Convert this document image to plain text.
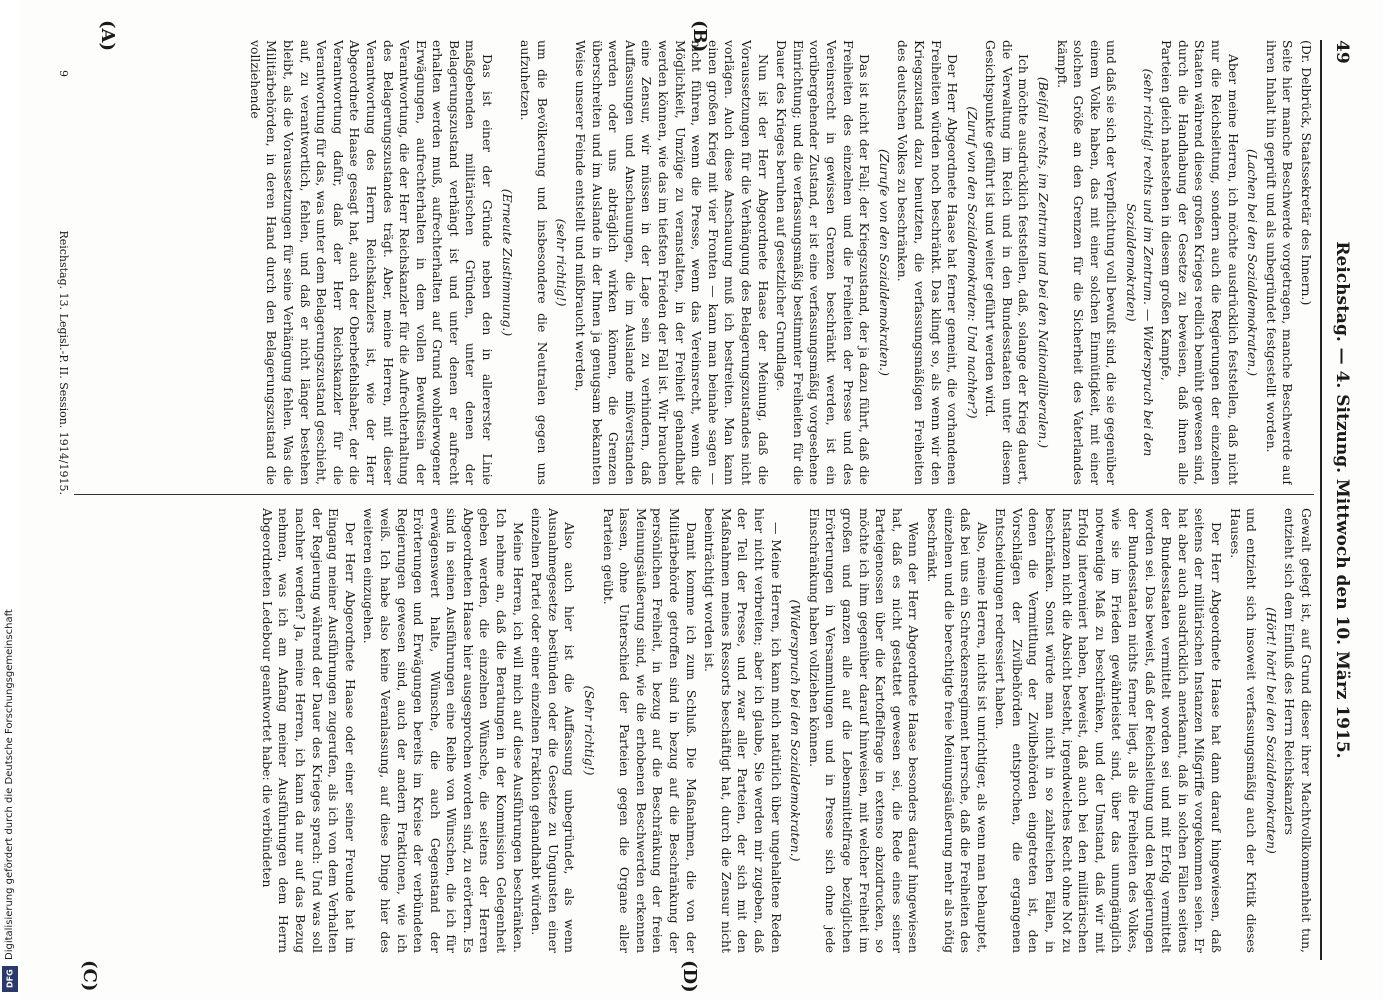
Digitalisierung gefördert durch die Deutsche Forschungsgemeinschaft
DFG
49
Reichstag. — 4. Sitzung. Mittwoch den 10. März 1915.

(Dr. Delbrück, Staatssekretär des Innern.)

Seite hier manche Beschwerde vorgetragen, manche Beschwerde auf ihren Inhalt hin geprüft und als unbegründet festgestellt worden.

(Lachen bei den Sozialdemokraten.)

Aber meine Herren, ich möchte ausdrücklich feststellen, daß nicht nur die Reichsleitung, sondern auch die Regierungen der einzelnen Staaten während dieses großen Krieges redlich bemüht gewesen sind, durch die Handhabung der Gesetze zu beweisen, daß ihnen alle Parteien gleich nahestehen in diesem großen Kampfe,

(sehr richtig! rechts und im Zentrum. — Widerspruch bei den Sozialdemokraten)

und daß sie sich der Verpflichtung voll bewußt sind, die sie gegenüber einem Volke haben, das mit einer solchen Einmütigkeit, mit einer solchen Größe an den Grenzen für die Sicherheit des Vaterlandes kämpft.

(Beifall rechts, im Zentrum und bei den Nationalliberalen.)

Ich möchte ausdrücklich feststellen, daß, solange der Krieg dauert, die Verwaltung im Reich und in den Bundesstaaten unter diesem Gesichtspunkte geführt ist und weiter geführt werden wird.

(Zuruf von den Sozialdemokraten: Und nachher?)

Der Herr Abgeordnete Haase hat ferner gemeint, die vorhandenen Freiheiten würden noch beschränkt. Das klingt so, als wenn wir den Kriegszustand dazu benutzten, die verfassungsmäßigen Freiheiten des deutschen Volkes zu beschränken.

(Zurufe von den Sozialdemokraten.)

Das ist nicht der Fall; der Kriegszustand, der ja dazu führt, daß die Freiheiten des einzelnen und die Freiheiten der Presse und des Vereinsrecht in gewissen Grenzen beschränkt werden, ist ein vorübergehender Zustand, er ist eine verfassungsmäßig vorgesehene Einrichtung; und die verfassungsmäßig bestimmter Freiheiten für die Dauer des Krieges beruhen auf gesetzlicher Grundlage.

Nun ist der Herr Abgeordnete Haase der Meinung, daß die Voraussetzungen für die Verhängung des Belagerungszustandes nicht vorlägen. Auch diese Anschauung muß ich bestreiten. Man kann einen großen Krieg mit vier Fronten — kann man beinahe sagen — nicht führen, wenn die Presse, wenn das Vereinsrecht, wenn die Möglichkeit, Umzüge zu veranstalten, in der Freiheit gehandhabt werden können, wie das im tiefsten Frieden der Fall ist. Wir brauchen eine Zensur, wir müssen in der Lage sein zu verhindern, daß Auffassungen und Anschauungen, die im Auslande mißverstanden werden oder uns abträglich wirken können, die Grenzen überschreiten und im Auslande in der Ihnen ja genugsam bekannten Weise unserer Feinde entstellt und mißbraucht werden,

(sehr richtig!)

um die Bevölkerung und insbesondere die Neutralen gegen uns aufzuhetzen.

(Erneute Zustimmung.)

Das ist einer der Gründe neben den in allererster Linie maßgebenden militärischen Gründen, unter denen der Belagerungszustand verhängt ist und unter denen er aufrecht erhalten werden muß, aufrechterhalten auf Grund wohlerwogener Erwägungen, aufrechterhalten in dem vollen Bewußtsein der Verantwortung, die der Herr Reichskanzler für die Aufrechterhaltung des Belagerungszustandes trägt. Aber, meine Herren, mit dieser Verantwortung des Herrn Reichskanzlers ist, wie der Herr Abgeordnete Haase gesagt hat, auch der Oberbefehlshaber, der die Verantwortung dafür, daß der Herr Reichskanzler für die Verantwortung für das, was unter dem Belagerungszustand geschieht, auf, zu verantwortlich, fehlen, und daß er nicht länger bestehen bleibt, als die Voraussetzungen für seine Verhängung fehlen. Was die Militärbehörden, in deren Hand durch den Belagerungszustand die vollziehende

Gewalt gelegt ist, auf Grund dieser ihrer Machtvollkommenheit tun, entzieht sich dem Einfluß des Herrn Reichskanzlers

(Hört! hört! bei den Sozialdemokraten)

und entzieht sich insoweit verfassungsmäßig auch der Kritik dieses Hauses.

Der Herr Abgeordnete Haase hat dann darauf hingewiesen, daß seitens der militärischen Instanzen Mißgriffe vorgekommen seien. Er hat aber auch ausdrücklich anerkannt, daß in solchen Fällen seitens der Bundesstaaten vermittelt worden sei und mit Erfolg vermittelt worden sei. Das beweist, daß der Reichsleitung und den Regierungen der Bundesstaaten nichts ferner liegt, als die Freiheiten des Volkes, wie sie im Frieden gewährleistet sind, über das unumgänglich notwendige Maß zu beschränken, und der Umstand, daß wir mit Erfolg interveniert haben, beweist, daß auch bei den militärischen Instanzen nicht die Absicht besteht, irgendwelches Recht ohne Not zu beschränken. Sonst würde man nicht in so zahlreichen Fällen, in denen die Vermittlung der Zivilbehörden eingetreten ist, den Vorschlägen der Zivilbehörden entsprochen, die ergangenen Entscheidungen redressiert haben.

Also, meine Herren, nichts ist unrichtiger, als wenn man behauptet, daß bei uns ein Schreckensregiment herrsche, daß die Freiheiten des einzelnen und die berechtigte freie Meinungsäußerung mehr als nötig beschränkt.

Wenn der Herr Abgeordnete Haase besonders darauf hingewiesen hat, daß es nicht gestattet gewesen sei, die Rede eines seiner Parteigenossen über die Kartoffelfrage in extenso abzudrucken, so möchte ich ihm gegenüber darauf hinweisen, mit welcher Freiheit im großen und ganzen alle auf die Lebensmittelfrage bezüglichen Erörterungen in Versammlungen und in Presse sich ohne jede Einschränkung haben vollziehen können.

(Widerspruch bei den Sozialdemokraten.)

— Meine Herren, ich kann mich natürlich über ungehaltene Reden hier nicht verbreiten; aber ich glaube, Sie werden mir zugeben, daß der Teil der Presse, und zwar aller Parteien, der sich mit den Maßnahmen meines Ressorts beschäftigt hat, durch die Zensur nicht beeinträchtigt worden ist.

Damit komme ich zum Schluß. Die Maßnahmen, die von der Militärbehörde getroffen sind in bezug auf die Beschränkung der persönlichen Freiheit, in bezug auf die Beschränkung der freien Meinungsäußerung sind, wie die erhobenen Beschwerden erkennen lassen, ohne Unterschied der Parteien gegen die Organe aller Parteien geübt.

(Sehr richtig!)

Also auch hier ist die Auffassung unbegründet, als wenn Ausnahmegesetze bestünden oder die Gesetze zu Ungunsten einer einzelnen Partei oder einer einzelnen Fraktion gehandhabt würden.

Meine Herren, ich will mich auf diese Ausführungen beschränken. Ich nehme an, daß die Beratungen in der Kommission Gelegenheit geben werden, die einzelnen Wünsche, die seitens der Herren Abgeordneten Haase hier ausgesprochen worden sind, zu erörtern. Es sind in seinen Ausführungen eine Reihe von Wünschen, die ich für erwägenswert halte, Wünsche, die auch Gegenstand der Erörterungen und Erwägungen bereits im Kreise der verbündeten Regierungen gewesen sind, auch der andern Fraktionen, wie ich weiß. Ich habe also keine Veranlassung, auf diese Dinge hier des weiteren einzugehen.

Der Herr Abgeordnete Haase oder einer seiner Freunde hat im Eingang meiner Ausführungen zugerufen, als ich von dem Verhalten der Regierung während der Dauer des Krieges sprach: Und was soll nachher werden? Ja, meine Herren, ich kann da nur auf das Bezug nehmen, was ich am Anfang meiner Ausführungen dem Herrn Abgeordneten Ledebour geantwortet habe: die verbündeten

(A)	(B)
(C)	(D)
Reichstag. 13. Legisl.-P. II. Session. 1914/1915.
9
